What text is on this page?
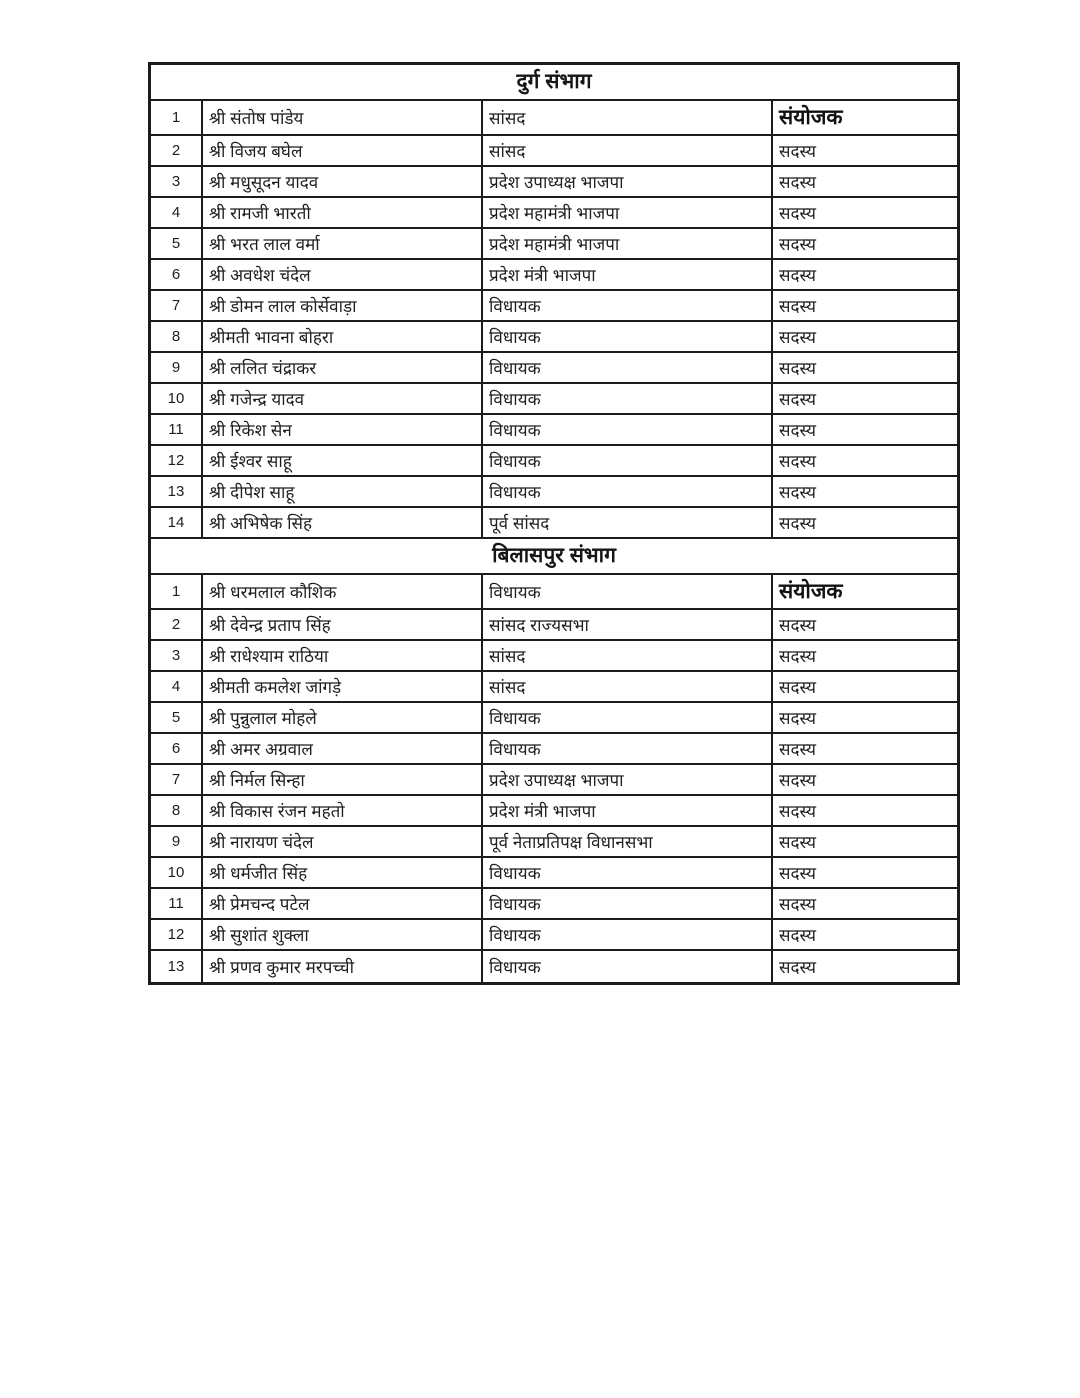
दुर्ग संभाग
1	श्री संतोष पांडेय	सांसद	संयोजक
2	श्री विजय बघेल	सांसद	सदस्य
3	श्री मधुसूदन यादव	प्रदेश उपाध्यक्ष भाजपा	सदस्य
4	श्री रामजी भारती	प्रदेश महामंत्री भाजपा	सदस्य
5	श्री भरत लाल वर्मा	प्रदेश महामंत्री भाजपा	सदस्य
6	श्री अवधेश चंदेल	प्रदेश मंत्री भाजपा	सदस्य
7	श्री डोमन लाल कोर्सेवाड़ा	विधायक	सदस्य
8	श्रीमती भावना बोहरा	विधायक	सदस्य
9	श्री ललित चंद्राकर	विधायक	सदस्य
10	श्री गजेन्द्र यादव	विधायक	सदस्य
11	श्री रिकेश सेन	विधायक	सदस्य
12	श्री ईश्वर साहू	विधायक	सदस्य
13	श्री दीपेश साहू	विधायक	सदस्य
14	श्री अभिषेक सिंह	पूर्व सांसद	सदस्य
बिलासपुर संभाग
1	श्री धरमलाल कौशिक	विधायक	संयोजक
2	श्री देवेन्द्र प्रताप सिंह	सांसद राज्यसभा	सदस्य
3	श्री राधेश्याम राठिया	सांसद	सदस्य
4	श्रीमती कमलेश जांगड़े	सांसद	सदस्य
5	श्री पुन्नुलाल मोहले	विधायक	सदस्य
6	श्री अमर अग्रवाल	विधायक	सदस्य
7	श्री निर्मल सिन्हा	प्रदेश उपाध्यक्ष भाजपा	सदस्य
8	श्री विकास रंजन महतो	प्रदेश मंत्री भाजपा	सदस्य
9	श्री नारायण चंदेल	पूर्व नेताप्रतिपक्ष विधानसभा	सदस्य
10	श्री धर्मजीत सिंह	विधायक	सदस्य
11	श्री प्रेमचन्द पटेल	विधायक	सदस्य
12	श्री सुशांत शुक्ला	विधायक	सदस्य
13	श्री प्रणव कुमार मरपच्ची	विधायक	सदस्य
